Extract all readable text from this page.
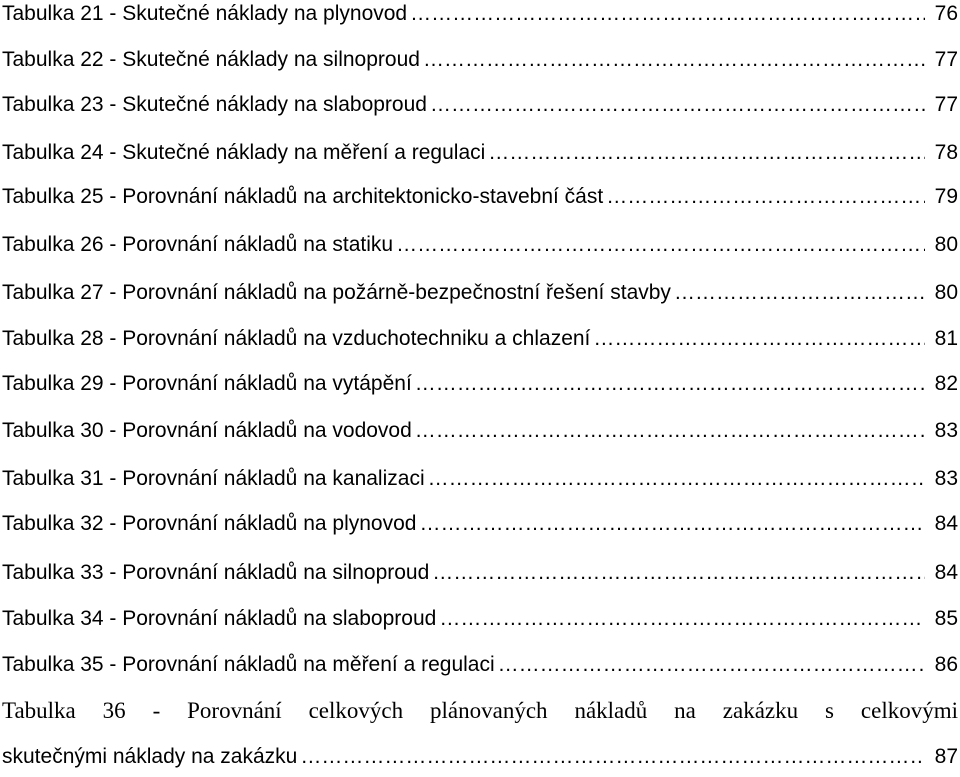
Tabulka 21 - Skutečné náklady na plynovod …………………………………………………………………………………………………………………………………………	76
Tabulka 22 - Skutečné náklady na silnoproud …………………………………………………………………………………………………………………………………………	77
Tabulka 23 - Skutečné náklady na slaboproud …………………………………………………………………………………………………………………………………………	77
Tabulka 24 - Skutečné náklady na měření a regulaci …………………………………………………………………………………………………………………………………………	78
Tabulka 25 - Porovnání nákladů na architektonicko-stavební část …………………………………………………………………………………………………………………………………………	79
Tabulka 26 - Porovnání nákladů na statiku …………………………………………………………………………………………………………………………………………	80
Tabulka 27 - Porovnání nákladů na požárně-bezpečnostní řešení stavby …………………………………………………………………………………………………………………………………………	80
Tabulka 28 - Porovnání nákladů na vzduchotechniku a chlazení …………………………………………………………………………………………………………………………………………	81
Tabulka 29 - Porovnání nákladů na vytápění …………………………………………………………………………………………………………………………………………	82
Tabulka 30 - Porovnání nákladů na vodovod …………………………………………………………………………………………………………………………………………	83
Tabulka 31 - Porovnání nákladů na kanalizaci …………………………………………………………………………………………………………………………………………	83
Tabulka 32 - Porovnání nákladů na plynovod …………………………………………………………………………………………………………………………………………	84
Tabulka 33 - Porovnání nákladů na silnoproud …………………………………………………………………………………………………………………………………………	84
Tabulka 34 - Porovnání nákladů na slaboproud …………………………………………………………………………………………………………………………………………	85
Tabulka 35 - Porovnání nákladů na měření a regulaci …………………………………………………………………………………………………………………………………………	86
Tabulka 36 - Porovnání celkových plánovaných nákladů na zakázku s celkovými
skutečnými náklady na zakázku …………………………………………………………………………………………………………………………………………	87
